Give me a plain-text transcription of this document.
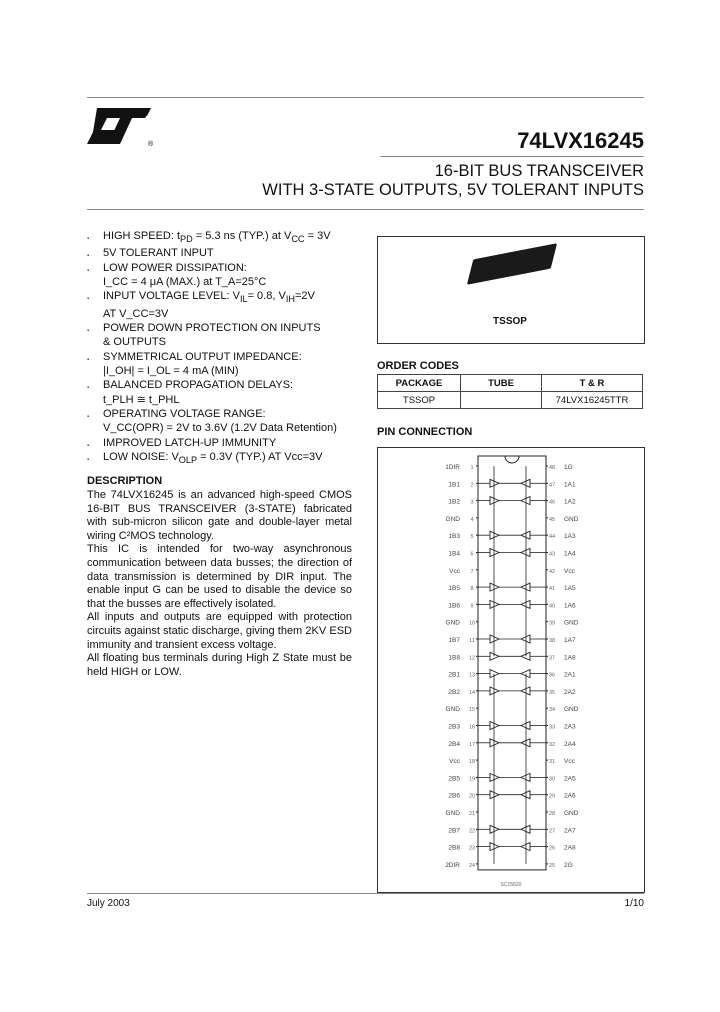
®	74LVX16245
16-BIT BUS TRANSCEIVER
WITH 3-STATE OUTPUTS, 5V TOLERANT INPUTS
▪ HIGH SPEED: $t_{PD} = 5.3$ ns (TYP.) at $V_{CC} = 3V$
▪ 5V TOLERANT INPUT
▪ LOW POWER DISSIPATION:
I_CC = 4 μA (MAX.) at T_A=25°C
▪ INPUT VOLTAGE LEVEL: $V_{IL}= 0.8$, $V_{IH}=2V$
AT V_CC=3V
▪ POWER DOWN PROTECTION ON INPUTS
& OUTPUTS
▪ SYMMETRICAL OUTPUT IMPEDANCE:
|I_OH| = I_OL = 4 mA (MIN)
▪ BALANCED PROPAGATION DELAYS:
t_PLH ≅ t_PHL
▪ OPERATING VOLTAGE RANGE:
V_CC(OPR) = 2V to 3.6V (1.2V Data Retention)
▪ IMPROVED LATCH-UP IMMUNITY
▪ LOW NOISE: $V_{OLP} = 0.3V$ (TYP.) AT Vcc=3V
DESCRIPTION

The 74LVX16245 is an advanced high-speed CMOS 16-BIT BUS TRANSCEIVER (3-STATE) fabricated with sub-micron silicon gate and double-layer metal wiring C²MOS technology.

This IC is intended for two-way asynchronous communication between data busses; the direction of data transmission is determined by DIR input. The enable input G can be used to disable the device so that the busses are effectively isolated.

All inputs and outputs are equipped with protection circuits against static discharge, giving them 2KV ESD immunity and transient excess voltage.

All floating bus terminals during High Z State must be held HIGH or LOW.

TSSOP
ORDER CODES
PACKAGE	TUBE	T & R
TSSOP		74LVX16245TTR
PIN CONNECTION
1DIR 1	48 1G
1B1 2	47 1A1
1B2 3	46 1A2
GND 4	45 GND
1B3 5	44 1A3
1B4 6	43 1A4
Vcc 7	42 Vcc
1B5 8	41 1A5
1B6 9	40 1A6
GND 10	39 GND
1B7 11	38 1A7
1B8 12	37 1A8
2B1 13	36 2A1
2B2 14	35 2A2
GND 15	34 GND
2B3 16	33 2A3
2B4 17	32 2A4
Vcc 18	31 Vcc
2B5 19	30 2A5
2B6 20	29 2A6
GND 21	28 GND
2B7 22	27 2A7
2B8 23	26 2A8
2DIR 24	25 2G
SC15620
July 2003	1/10
